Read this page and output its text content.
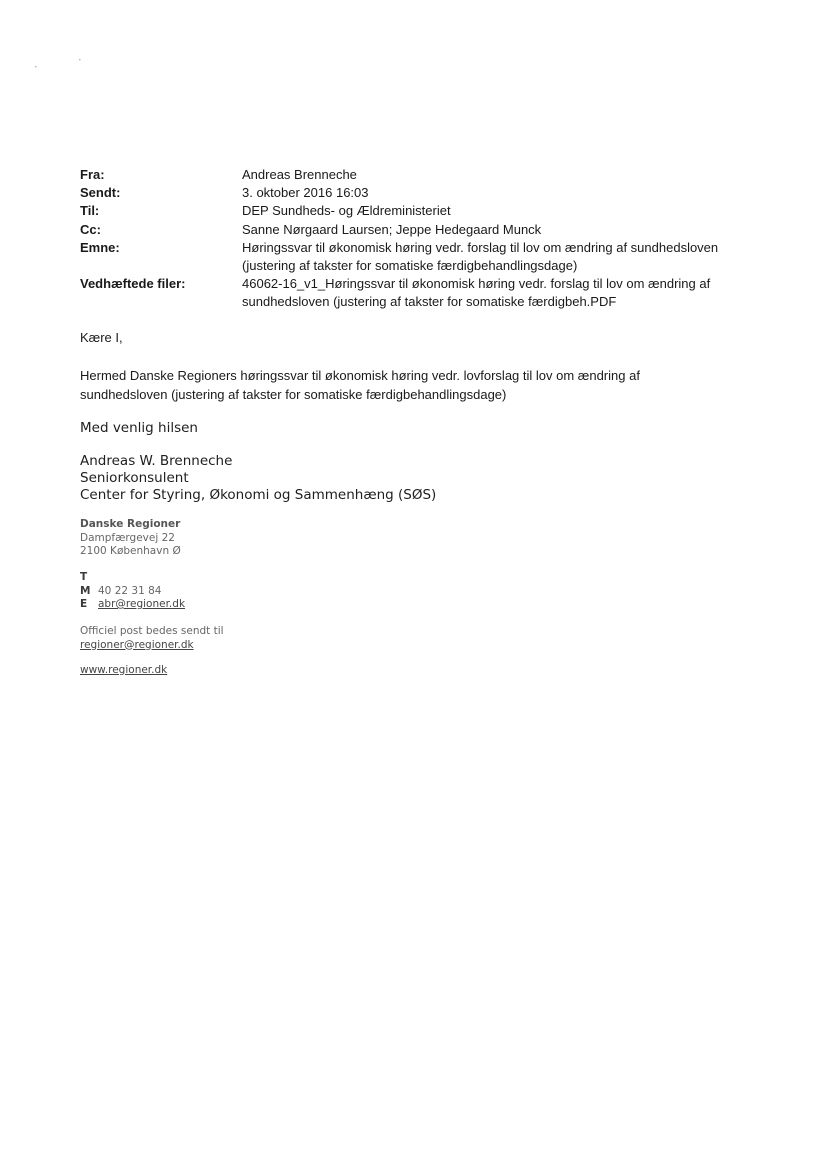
•
•
Fra:	Andreas Brenneche
Sendt:	3. oktober 2016 16:03
Til:	DEP Sundheds- og Ældreministeriet
Cc:	Sanne Nørgaard Laursen; Jeppe Hedegaard Munck
Emne:	Høringssvar til økonomisk høring vedr. forslag til lov om ændring af sundhedsloven (justering af takster for somatiske færdigbehandlingsdage)
Vedhæftede filer:	46062-16_v1_Høringssvar til økonomisk høring vedr. forslag til lov om ændring af sundhedsloven (justering af takster for somatiske færdigbeh.PDF
Kære I,
Hermed Danske Regioners høringssvar til økonomisk høring vedr. lovforslag til lov om ændring af sundhedsloven (justering af takster for somatiske færdigbehandlingsdage)
Med venlig hilsen
Andreas W. Brenneche
Seniorkonsulent
Center for Styring, Økonomi og Sammenhæng (SØS)
Danske Regioner
Dampfærgevej 22
2100 København Ø
T
M 40 22 31 84
E abr@regioner.dk
Officiel post bedes sendt til
regioner@regioner.dk
www.regioner.dk
